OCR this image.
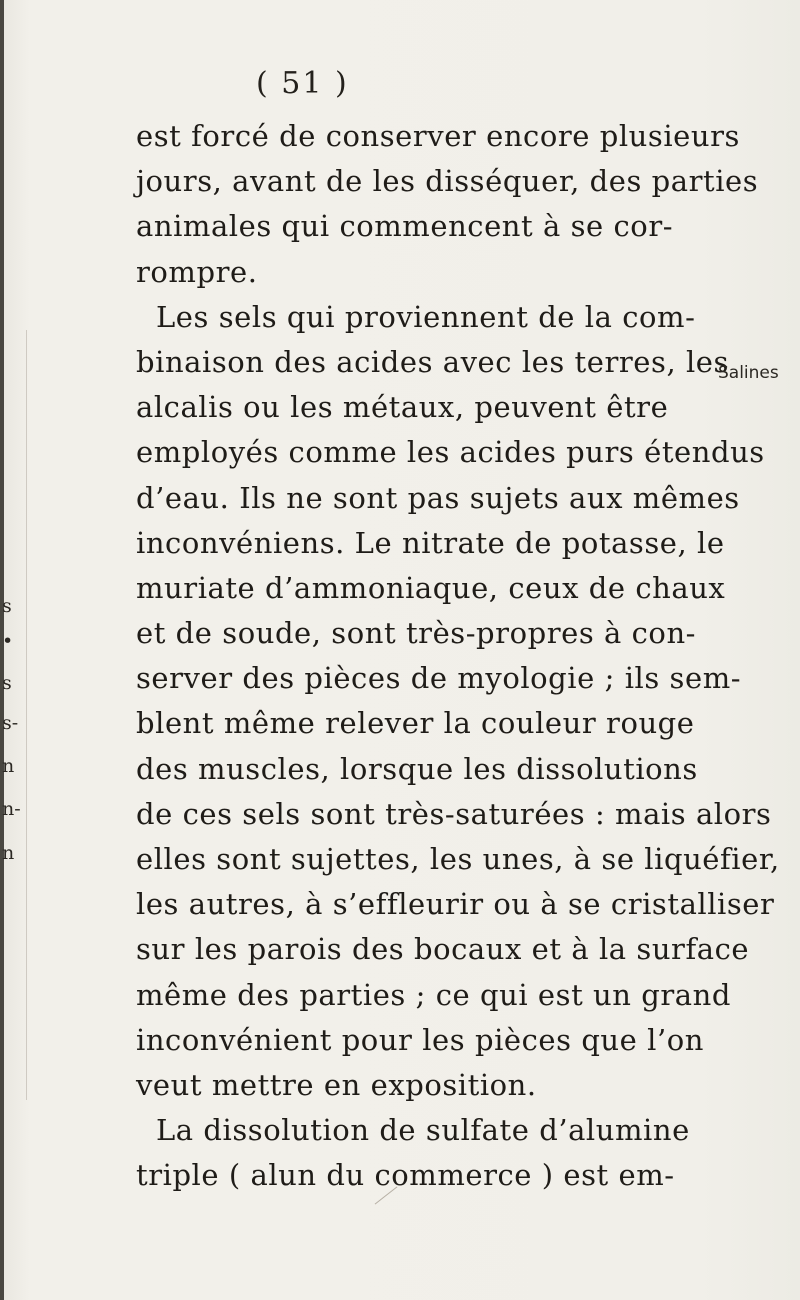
( 51 )
est forcé de conserver encore plusieurs
jours, avant de les disséquer, des parties
animales qui commencent à se cor-
rompre.
Les sels qui proviennent de la com-
binaison des acides avec les terres, les
alcalis ou les métaux, peuvent être
employés comme les acides purs étendus
d’eau. Ils ne sont pas sujets aux mêmes
inconvéniens. Le nitrate de potasse, le
muriate d’ammoniaque, ceux de chaux
et de soude, sont très-propres à con-
server des pièces de myologie ; ils sem-
blent même relever la couleur rouge
des muscles, lorsque les dissolutions
de ces sels sont très-saturées : mais alors
elles sont sujettes, les unes, à se liquéfier,
les autres, à s’effleurir ou à se cristalliser
sur les parois des bocaux et à la surface
même des parties ; ce qui est un grand
inconvénient pour les pièces que l’on
veut mettre en exposition.
La dissolution de sulfate d’alumine
triple ( alun du commerce ) est em-
Salines
s
•
s
s-
n
n-
n
